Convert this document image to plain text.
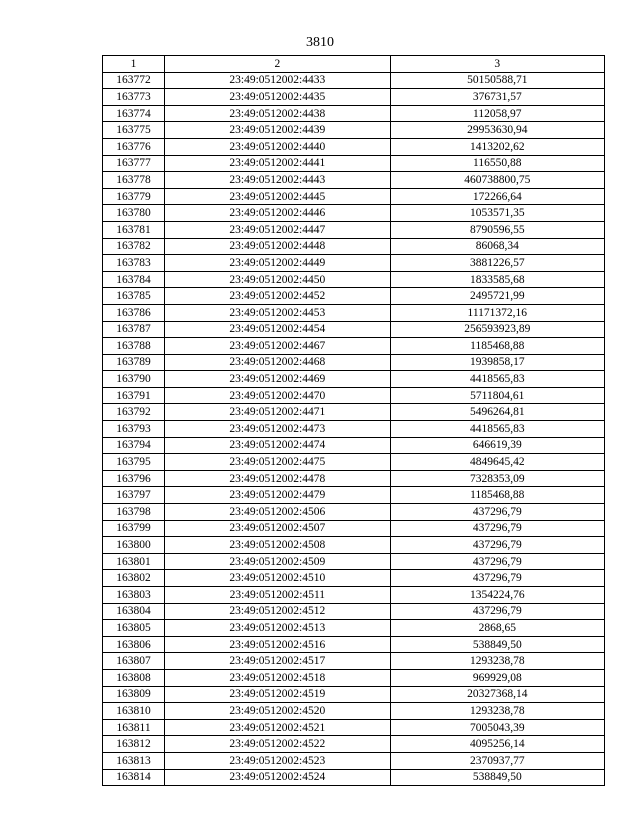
3810
1	2	3
163772	23:49:0512002:4433	50150588,71
163773	23:49:0512002:4435	376731,57
163774	23:49:0512002:4438	112058,97
163775	23:49:0512002:4439	29953630,94
163776	23:49:0512002:4440	1413202,62
163777	23:49:0512002:4441	116550,88
163778	23:49:0512002:4443	460738800,75
163779	23:49:0512002:4445	172266,64
163780	23:49:0512002:4446	1053571,35
163781	23:49:0512002:4447	8790596,55
163782	23:49:0512002:4448	86068,34
163783	23:49:0512002:4449	3881226,57
163784	23:49:0512002:4450	1833585,68
163785	23:49:0512002:4452	2495721,99
163786	23:49:0512002:4453	11171372,16
163787	23:49:0512002:4454	256593923,89
163788	23:49:0512002:4467	1185468,88
163789	23:49:0512002:4468	1939858,17
163790	23:49:0512002:4469	4418565,83
163791	23:49:0512002:4470	5711804,61
163792	23:49:0512002:4471	5496264,81
163793	23:49:0512002:4473	4418565,83
163794	23:49:0512002:4474	646619,39
163795	23:49:0512002:4475	4849645,42
163796	23:49:0512002:4478	7328353,09
163797	23:49:0512002:4479	1185468,88
163798	23:49:0512002:4506	437296,79
163799	23:49:0512002:4507	437296,79
163800	23:49:0512002:4508	437296,79
163801	23:49:0512002:4509	437296,79
163802	23:49:0512002:4510	437296,79
163803	23:49:0512002:4511	1354224,76
163804	23:49:0512002:4512	437296,79
163805	23:49:0512002:4513	2868,65
163806	23:49:0512002:4516	538849,50
163807	23:49:0512002:4517	1293238,78
163808	23:49:0512002:4518	969929,08
163809	23:49:0512002:4519	20327368,14
163810	23:49:0512002:4520	1293238,78
163811	23:49:0512002:4521	7005043,39
163812	23:49:0512002:4522	4095256,14
163813	23:49:0512002:4523	2370937,77
163814	23:49:0512002:4524	538849,50
